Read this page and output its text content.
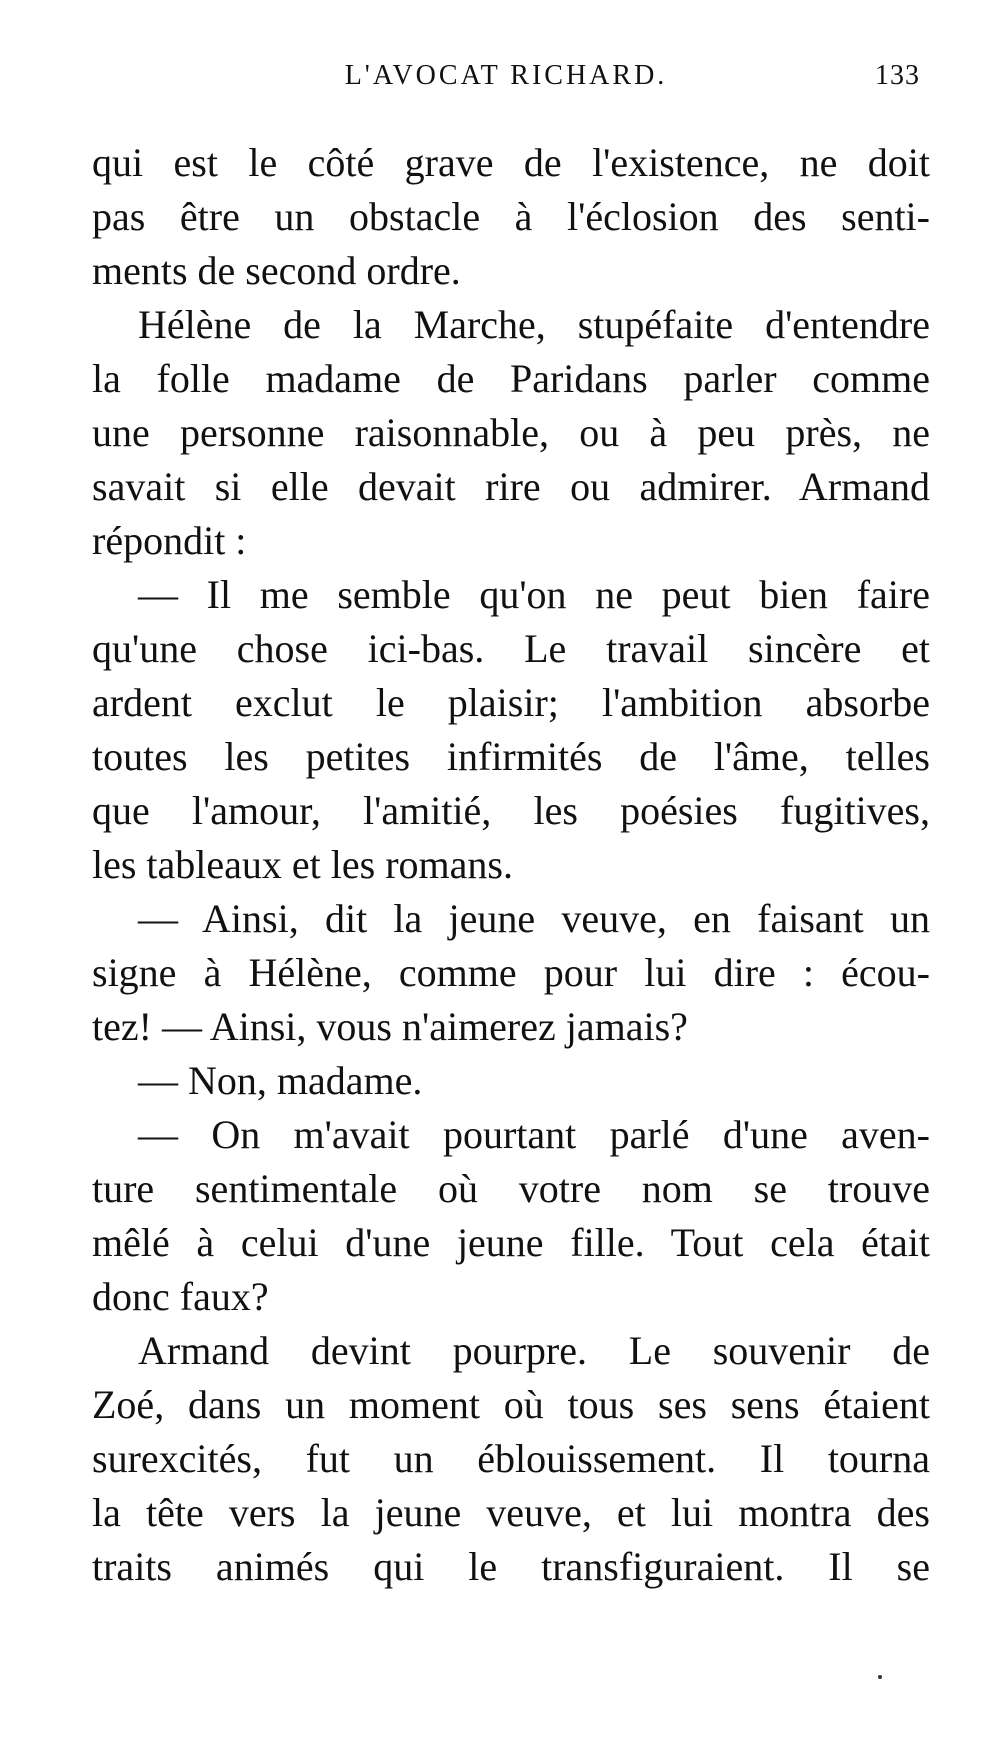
L'AVOCAT RICHARD.	133
qui est le côté grave de l'existence, ne doit
pas être un obstacle à l'éclosion des senti-
ments de second ordre.
Hélène de la Marche, stupéfaite d'entendre
la folle madame de Paridans parler comme
une personne raisonnable, ou à peu près, ne
savait si elle devait rire ou admirer. Armand
répondit :
— Il me semble qu'on ne peut bien faire
qu'une chose ici-bas. Le travail sincère et
ardent exclut le plaisir; l'ambition absorbe
toutes les petites infirmités de l'âme, telles
que l'amour, l'amitié, les poésies fugitives,
les tableaux et les romans.
— Ainsi, dit la jeune veuve, en faisant un
signe à Hélène, comme pour lui dire : écou-
tez! — Ainsi, vous n'aimerez jamais?
— Non, madame.
— On m'avait pourtant parlé d'une aven-
ture sentimentale où votre nom se trouve
mêlé à celui d'une jeune fille. Tout cela était
donc faux?
Armand devint pourpre. Le souvenir de
Zoé, dans un moment où tous ses sens étaient
surexcités, fut un éblouissement. Il tourna
la tête vers la jeune veuve, et lui montra des
traits animés qui le transfiguraient. Il se
